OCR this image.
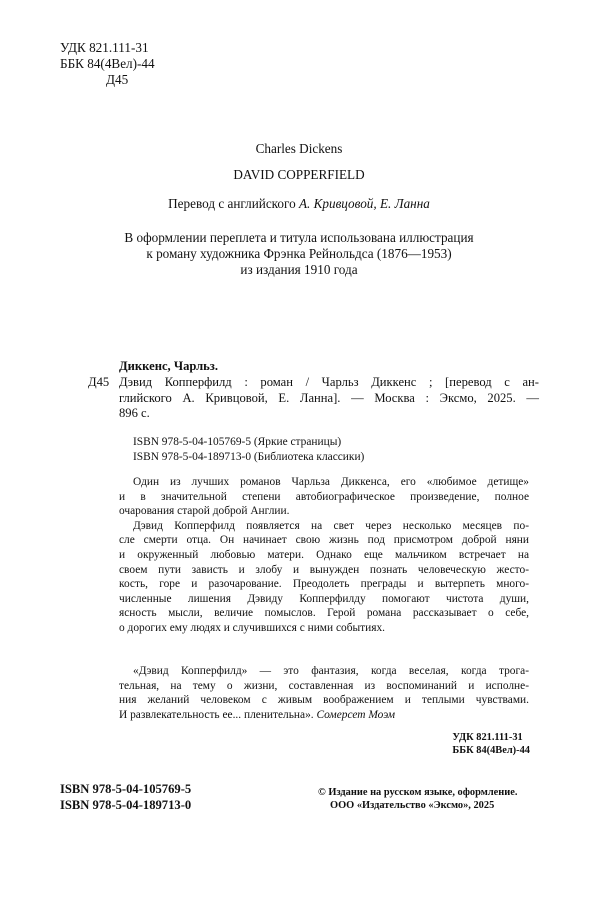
УДК 821.111-31
ББК 84(4Вел)-44
Д45
Charles Dickens
DAVID COPPERFIELD
Перевод с английского А. Кривцовой, Е. Ланна
В оформлении переплета и титула использована иллюстрация
к роману художника Фрэнка Рейнольдса (1876—1953)
из издания 1910 года
Диккенс, Чарльз.
Д45 Дэвид Копперфилд : роман / Чарльз Диккенс ; [перевод с ан-
глийского А. Кривцовой, Е. Ланна]. — Москва : Эксмо, 2025. —
896 с.
ISBN 978-5-04-105769-5 (Яркие страницы)
ISBN 978-5-04-189713-0 (Библиотека классики)
Один из лучших романов Чарльза Диккенса, его «любимое детище»
и в значительной степени автобиографическое произведение, полное
очарования старой доброй Англии.
Дэвид Копперфилд появляется на свет через несколько месяцев по-
сле смерти отца. Он начинает свою жизнь под присмотром доброй няни
и окруженный любовью матери. Однако еще мальчиком встречает на
своем пути зависть и злобу и вынужден познать человеческую жесто-
кость, горе и разочарование. Преодолеть преграды и вытерпеть много-
численные лишения Дэвиду Копперфилду помогают чистота души,
ясность мысли, величие помыслов. Герой романа рассказывает о себе,
о дорогих ему людях и случившихся с ними событиях.
«Дэвид Копперфилд» — это фантазия, когда веселая, когда трога-
тельная, на тему о жизни, составленная из воспоминаний и исполне-
ния желаний человеком с живым воображением и теплыми чувствами.
И развлекательность ее... пленительна». Сомерсет Моэм
УДК 821.111-31
ББК 84(4Вел)-44
ISBN 978-5-04-105769-5
ISBN 978-5-04-189713-0
© Издание на русском языке, оформление.
ООО «Издательство «Эксмо», 2025
